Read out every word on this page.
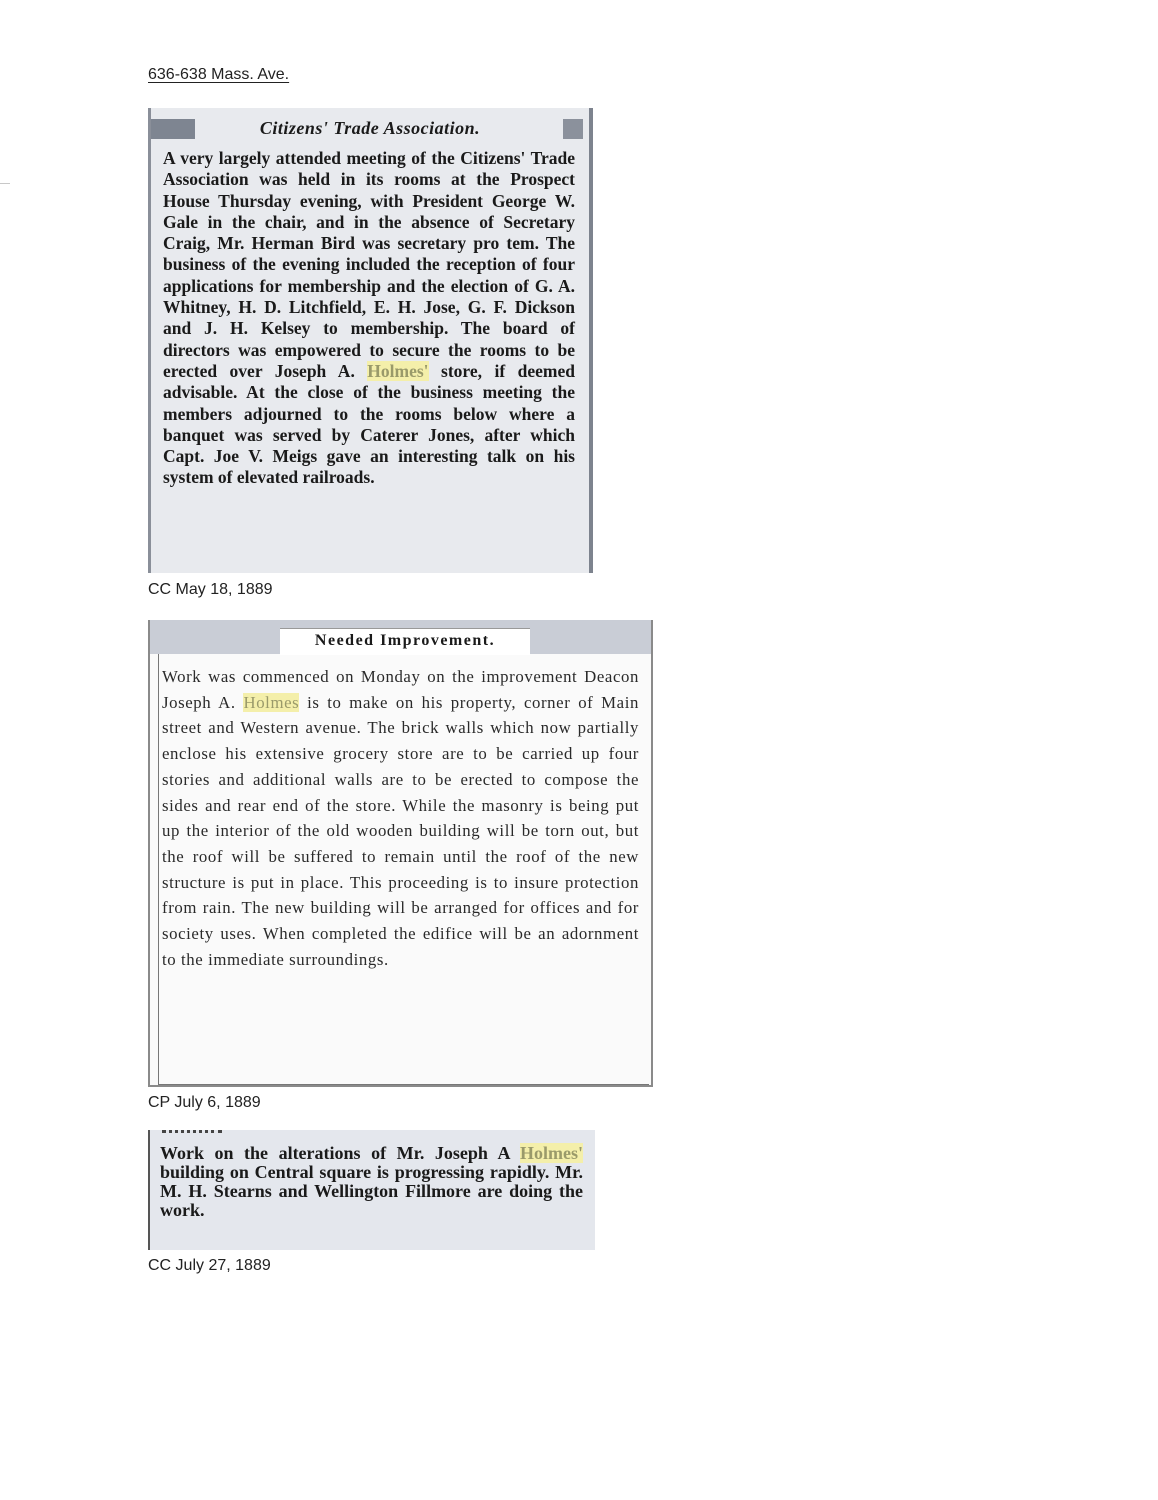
636-638 Mass. Ave.
Citizens' Trade Association.
A very largely attended meeting of the Citizens' Trade Association was held in its rooms at the Prospect House Thursday evening, with President George W. Gale in the chair, and in the absence of Secretary Craig, Mr. Herman Bird was secretary pro tem. The business of the evening included the reception of four applications for membership and the election of G. A. Whitney, H. D. Litchfield, E. H. Jose, G. F. Dickson and J. H. Kelsey to membership. The board of directors was empowered to secure the rooms to be erected over Joseph A. Holmes' store, if deemed advisable. At the close of the business meeting the members adjourned to the rooms below where a banquet was served by Caterer Jones, after which Capt. Joe V. Meigs gave an interesting talk on his system of elevated railroads.
CC May 18, 1889
Needed Improvement.
Work was commenced on Monday on the improvement Deacon Joseph A. Holmes is to make on his property, corner of Main street and Western avenue. The brick walls which now partially enclose his extensive grocery store are to be carried up four stories and additional walls are to be erected to compose the sides and rear end of the store. While the masonry is being put up the interior of the old wooden building will be torn out, but the roof will be suffered to remain until the roof of the new structure is put in place. This proceeding is to insure protection from rain. The new building will be arranged for offices and for society uses. When completed the edifice will be an adornment to the immediate surroundings.
CP July 6, 1889
Work on the alterations of Mr. Joseph A Holmes' building on Central square is progressing rapidly. Mr. M. H. Stearns and Wellington Fillmore are doing the work.
CC July 27, 1889
